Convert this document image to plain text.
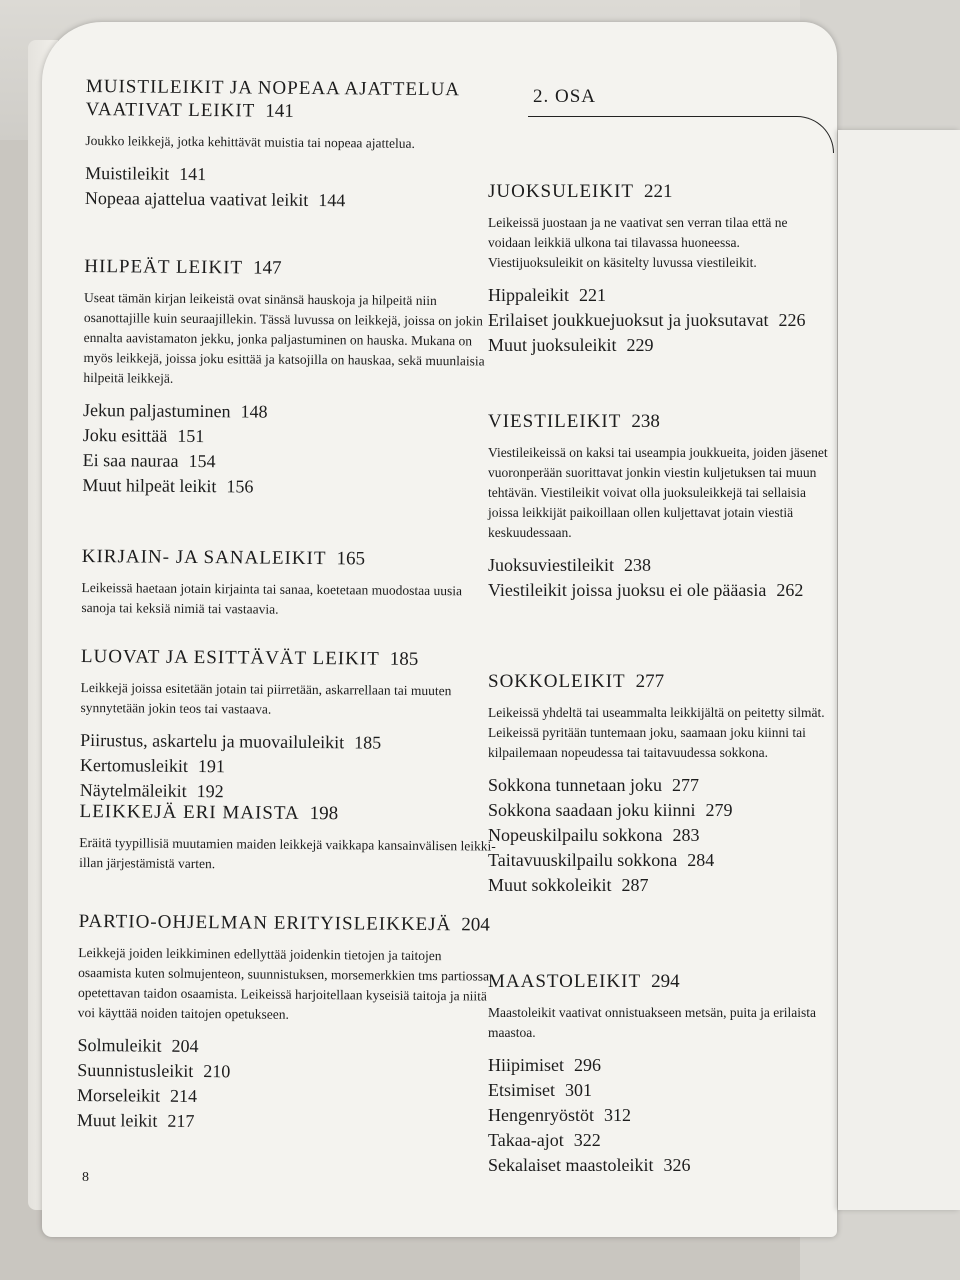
MUISTILEIKIT JA NOPEAA AJATTELUA VAATIVAT LEIKIT 141

Joukko leikkejä, jotka kehittävät muistia tai nopeaa ajattelua.

Muistileikit 141
Nopeaa ajattelua vaativat leikit 144
HILPEÄT LEIKIT 147

Useat tämän kirjan leikeistä ovat sinänsä hauskoja ja hilpeitä niin osanottajille kuin seuraajillekin. Tässä luvussa on leikkejä, joissa on jokin ennalta aavistamaton jekku, jonka paljastuminen on hauska. Mukana on myös leikkejä, joissa joku esittää ja katsojilla on hauskaa, sekä muunlaisia hilpeitä leikkejä.

Jekun paljastuminen 148
Joku esittää 151
Ei saa nauraa 154
Muut hilpeät leikit 156
KIRJAIN- JA SANALEIKIT 165

Leikeissä haetaan jotain kirjainta tai sanaa, koetetaan muodostaa uusia sanoja tai keksiä nimiä tai vastaavia.

LUOVAT JA ESITTÄVÄT LEIKIT 185

Leikkejä joissa esitetään jotain tai piirretään, askarrellaan tai muuten synnytetään jokin teos tai vastaava.

Piirustus, askartelu ja muovailuleikit 185
Kertomusleikit 191
Näytelmäleikit 192
LEIKKEJÄ ERI MAISTA 198

Eräitä tyypillisiä muutamien maiden leikkejä vaikkapa kansainvälisen leikki-illan järjestämistä varten.

PARTIO-OHJELMAN ERITYISLEIKKEJÄ 204

Leikkejä joiden leikkiminen edellyttää joidenkin tietojen ja taitojen osaamista kuten solmujenteon, suunnistuksen, morsemerkkien tms partiossa opetettavan taidon osaamista. Leikeissä harjoitellaan kyseisiä taitoja ja niitä voi käyttää noiden taitojen opetukseen.

Solmuleikit 204
Suunnistusleikit 210
Morseleikit 214
Muut leikit 217
2. OSA
JUOKSULEIKIT 221

Leikeissä juostaan ja ne vaativat sen verran tilaa että ne voidaan leikkiä ulkona tai tilavassa huoneessa. Viestijuoksuleikit on käsitelty luvussa viestileikit.

Hippaleikit 221
Erilaiset joukkuejuoksut ja juoksutavat 226
Muut juoksuleikit 229
VIESTILEIKIT 238

Viestileikeissä on kaksi tai useampia joukkueita, joiden jäsenet vuoronperään suorittavat jonkin viestin kuljetuksen tai muun tehtävän. Viestileikit voivat olla juoksuleikkejä tai sellaisia joissa leikkijät paikoillaan ollen kuljettavat jotain viestiä keskuudessaan.

Juoksuviestileikit 238
Viestileikit joissa juoksu ei ole pääasia 262
SOKKOLEIKIT 277

Leikeissä yhdeltä tai useammalta leikkijältä on peitetty silmät. Leikeissä pyritään tuntemaan joku, saamaan joku kiinni tai kilpailemaan nopeudessa tai taitavuudessa sokkona.

Sokkona tunnetaan joku 277
Sokkona saadaan joku kiinni 279
Nopeuskilpailu sokkona 283
Taitavuuskilpailu sokkona 284
Muut sokkoleikit 287
MAASTOLEIKIT 294

Maastoleikit vaativat onnistuakseen metsän, puita ja erilaista maastoa.

Hiipimiset 296
Etsimiset 301
Hengenryöstöt 312
Takaa-ajot 322
Sekalaiset maastoleikit 326
8
